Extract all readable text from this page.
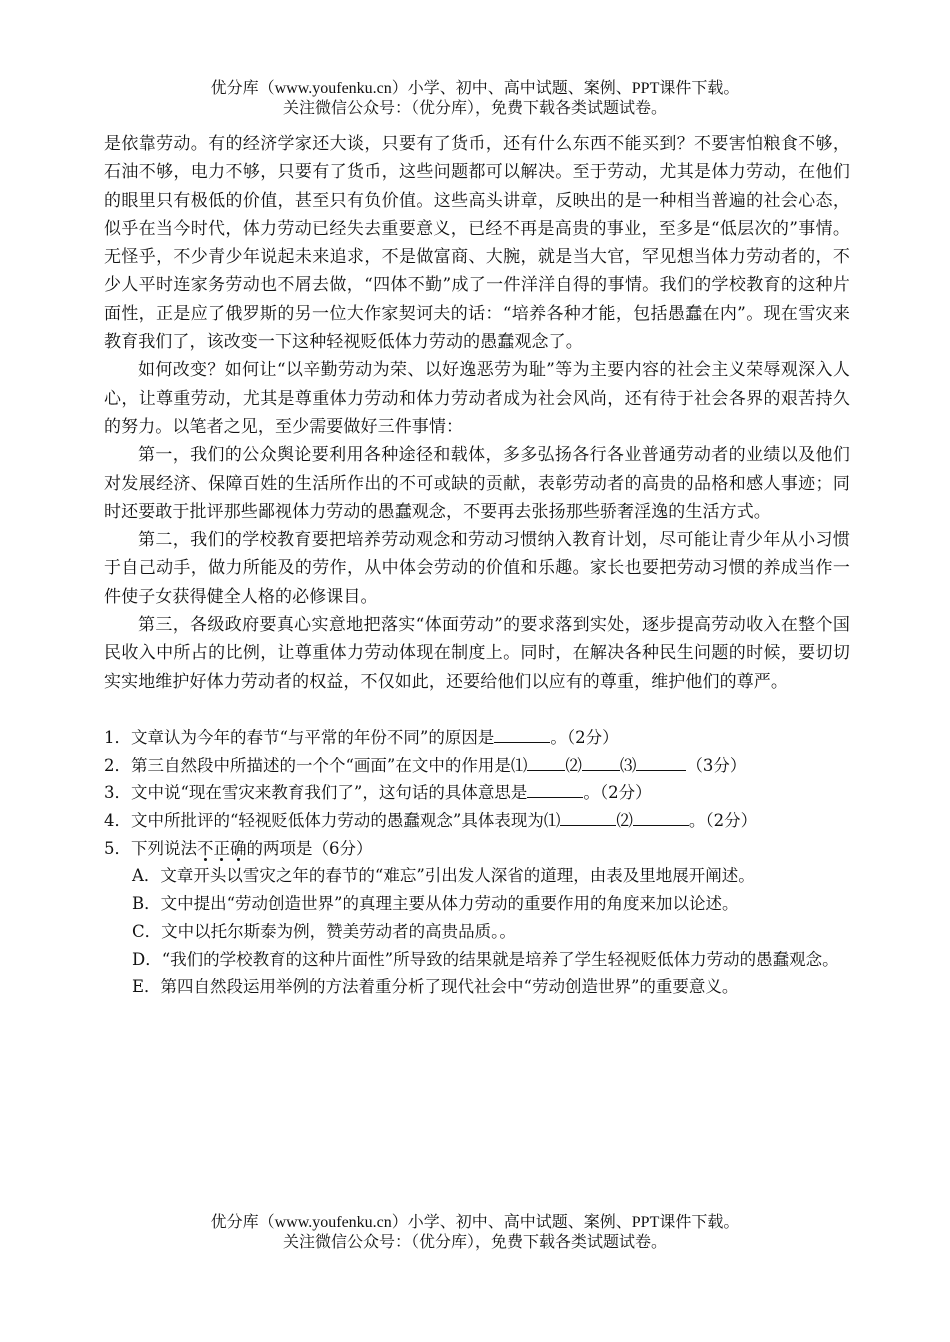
优分库（www.youfenku.cn）小学、初中、高中试题、案例、PPT课件下载。
关注微信公众号：（优分库），免费下载各类试题试卷。

是依靠劳动。有的经济学家还大谈，只要有了货币，还有什么东西不能买到？不要害怕粮食不够，石油不够，电力不够，只要有了货币，这些问题都可以解决。至于劳动，尤其是体力劳动，在他们的眼里只有极低的价值，甚至只有负价值。这些高头讲章，反映出的是一种相当普遍的社会心态，似乎在当今时代，体力劳动已经失去重要意义，已经不再是高贵的事业，至多是“低层次的”事情。无怪乎，不少青少年说起未来追求，不是做富商、大腕，就是当大官，罕见想当体力劳动者的，不少人平时连家务劳动也不屑去做，“四体不勤”成了一件洋洋自得的事情。我们的学校教育的这种片面性，正是应了俄罗斯的另一位大作家契诃夫的话：“培养各种才能，包括愚蠢在内”。现在雪灾来教育我们了，该改变一下这种轻视贬低体力劳动的愚蠢观念了。

如何改变？如何让“以辛勤劳动为荣、以好逸恶劳为耻”等为主要内容的社会主义荣辱观深入人心，让尊重劳动，尤其是尊重体力劳动和体力劳动者成为社会风尚，还有待于社会各界的艰苦持久的努力。以笔者之见，至少需要做好三件事情：

第一，我们的公众舆论要利用各种途径和载体，多多弘扬各行各业普通劳动者的业绩以及他们对发展经济、保障百姓的生活所作出的不可或缺的贡献，表彰劳动者的高贵的品格和感人事迹；同时还要敢于批评那些鄙视体力劳动的愚蠢观念，不要再去张扬那些骄奢淫逸的生活方式。

第二，我们的学校教育要把培养劳动观念和劳动习惯纳入教育计划，尽可能让青少年从小习惯于自己动手，做力所能及的劳作，从中体会劳动的价值和乐趣。家长也要把劳动习惯的养成当作一件使子女获得健全人格的必修课目。

第三，各级政府要真心实意地把落实“体面劳动”的要求落到实处，逐步提高劳动收入在整个国民收入中所占的比例，让尊重体力劳动体现在制度上。同时，在解决各种民生问题的时候，要切切实实地维护好体力劳动者的权益，不仅如此，还要给他们以应有的尊重，维护他们的尊严。

1．文章认为今年的春节“与平常的年份不同”的原因是	。（2分）

2．第三自然段中所描述的一个个“画面”在文中的作用是⑴ ⑵ ⑶	（3分）

3．文中说“现在雪灾来教育我们了”，这句话的具体意思是	。（2分）

4．文中所批评的“轻视贬低体力劳动的愚蠢观念”具体表现为⑴	⑵	。（2分）

5．下列说法不正确的两项是（6分）

A．文章开头以雪灾之年的春节的“难忘”引出发人深省的道理，由表及里地展开阐述。

B．文中提出“劳动创造世界”的真理主要从体力劳动的重要作用的角度来加以论述。

C．文中以托尔斯泰为例，赞美劳动者的高贵品质。。

D．“我们的学校教育的这种片面性”所导致的结果就是培养了学生轻视贬低体力劳动的愚蠢观念。

E．第四自然段运用举例的方法着重分析了现代社会中“劳动创造世界”的重要意义。

优分库（www.youfenku.cn）小学、初中、高中试题、案例、PPT课件下载。
关注微信公众号：（优分库），免费下载各类试题试卷。
